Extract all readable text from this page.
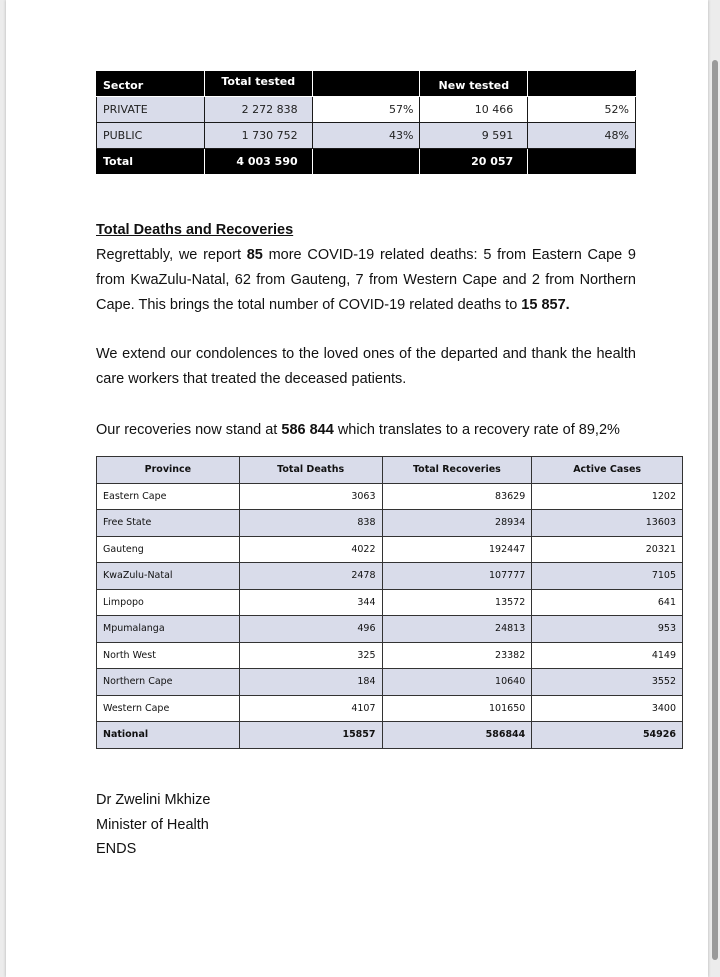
Sector	Total tested		New tested	
PRIVATE	2 272 838	57%	10 466	52%
PUBLIC	1 730 752	43%	9 591	48%
Total	4 003 590		20 057	
Total Deaths and Recoveries
Regrettably, we report 85 more COVID-19 related deaths: 5 from Eastern Cape 9 from KwaZulu-Natal, 62 from Gauteng, 7 from Western Cape and 2 from Northern Cape. This brings the total number of COVID-19 related deaths to 15 857.
We extend our condolences to the loved ones of the departed and thank the health care workers that treated the deceased patients.
Our recoveries now stand at 586 844 which translates to a recovery rate of 89,2%
Province	Total Deaths	Total Recoveries	Active Cases
Eastern Cape	3063	83629	1202
Free State	838	28934	13603
Gauteng	4022	192447	20321
KwaZulu-Natal	2478	107777	7105
Limpopo	344	13572	641
Mpumalanga	496	24813	953
North West	325	23382	4149
Northern Cape	184	10640	3552
Western Cape	4107	101650	3400
National	15857	586844	54926
Dr Zwelini Mkhize
Minister of Health
ENDS
